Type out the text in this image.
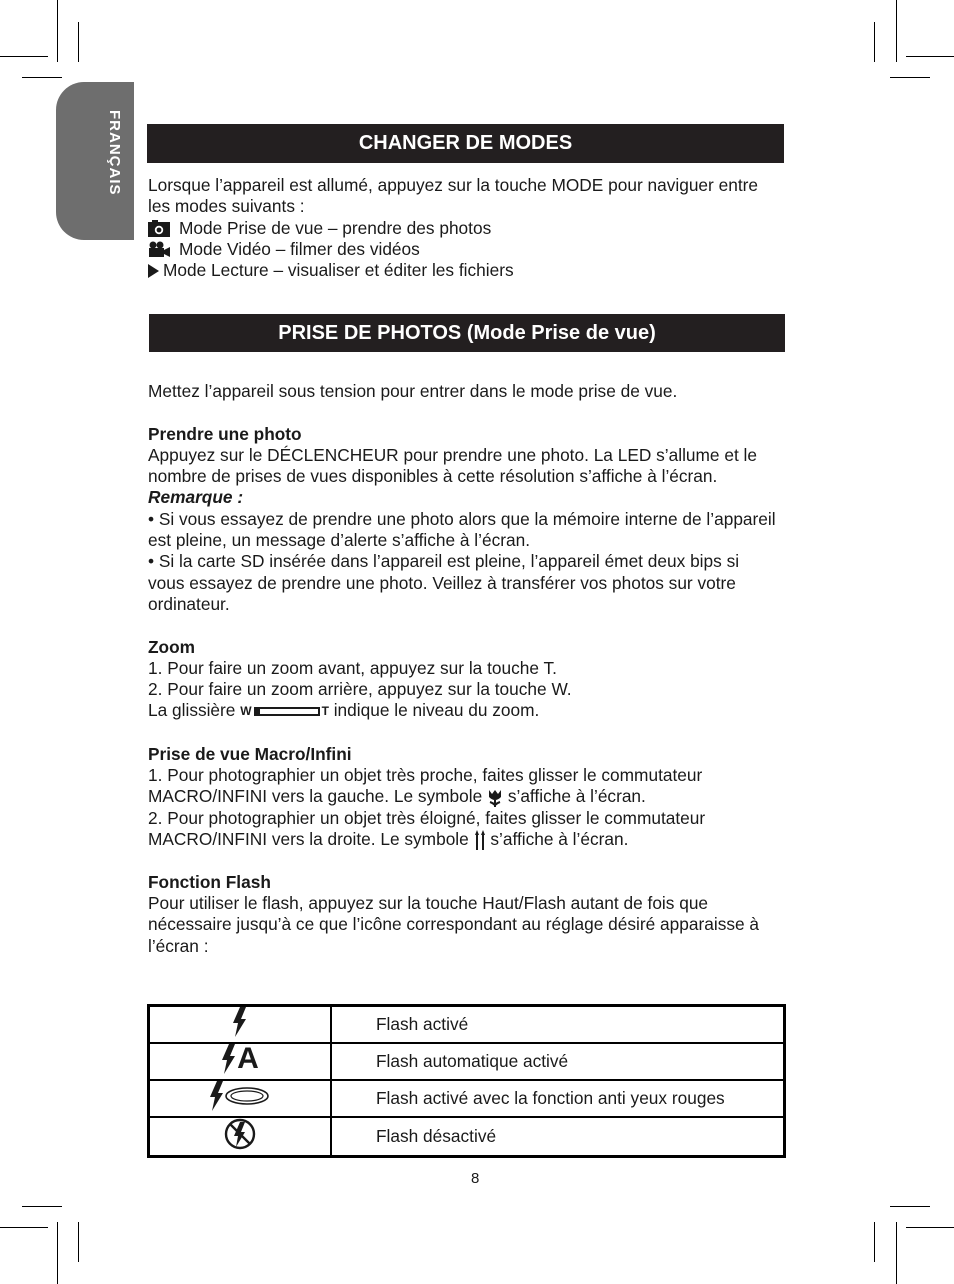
FRANÇAIS	CHANGER DE MODES

Lorsque l’appareil est allumé, appuyez sur la touche MODE pour naviguer entre les modes suivants :

Mode Prise de vue – prendre des photos
Mode Vidéo – filmer des vidéos
Mode Lecture – visualiser et éditer les fichiers
PRISE DE PHOTOS (Mode Prise de vue)

Mettez l’appareil sous tension pour entrer dans le mode prise de vue.

Prendre une photo

Appuyez sur le DÉCLENCHEUR pour prendre une photo. La LED s’allume et le nombre de prises de vues disponibles à cette résolution s’affiche à l’écran.

Remarque :

• Si vous essayez de prendre une photo alors que la mémoire interne de l’appareil est pleine, un message d’alerte s’affiche à l’écran.

• Si la carte SD insérée dans l’appareil est pleine, l’appareil émet deux bips si vous essayez de prendre une photo. Veillez à transférer vos photos sur votre ordinateur.

Zoom

1. Pour faire un zoom avant, appuyez sur la touche T.

2. Pour faire un zoom arrière, appuyez sur la touche W.

La glissière W	T indique le niveau du zoom.

Prise de vue Macro/Infini

1. Pour photographier un objet très proche, faites glisser le commutateur MACRO/INFINI vers la gauche. Le symbole s’affiche à l’écran.

2. Pour photographier un objet très éloigné, faites glisser le commutateur MACRO/INFINI vers la droite. Le symbole s’affiche à l’écran.

Fonction Flash

Pour utiliser le flash, appuyez sur la touche Haut/Flash autant de fois que nécessaire jusqu’à ce que l’icône correspondant au réglage désiré apparaisse à l’écran :

	Flash activé

A	Flash automatique activé
	Flash activé avec la fonction anti yeux rouges
	Flash désactivé
8
